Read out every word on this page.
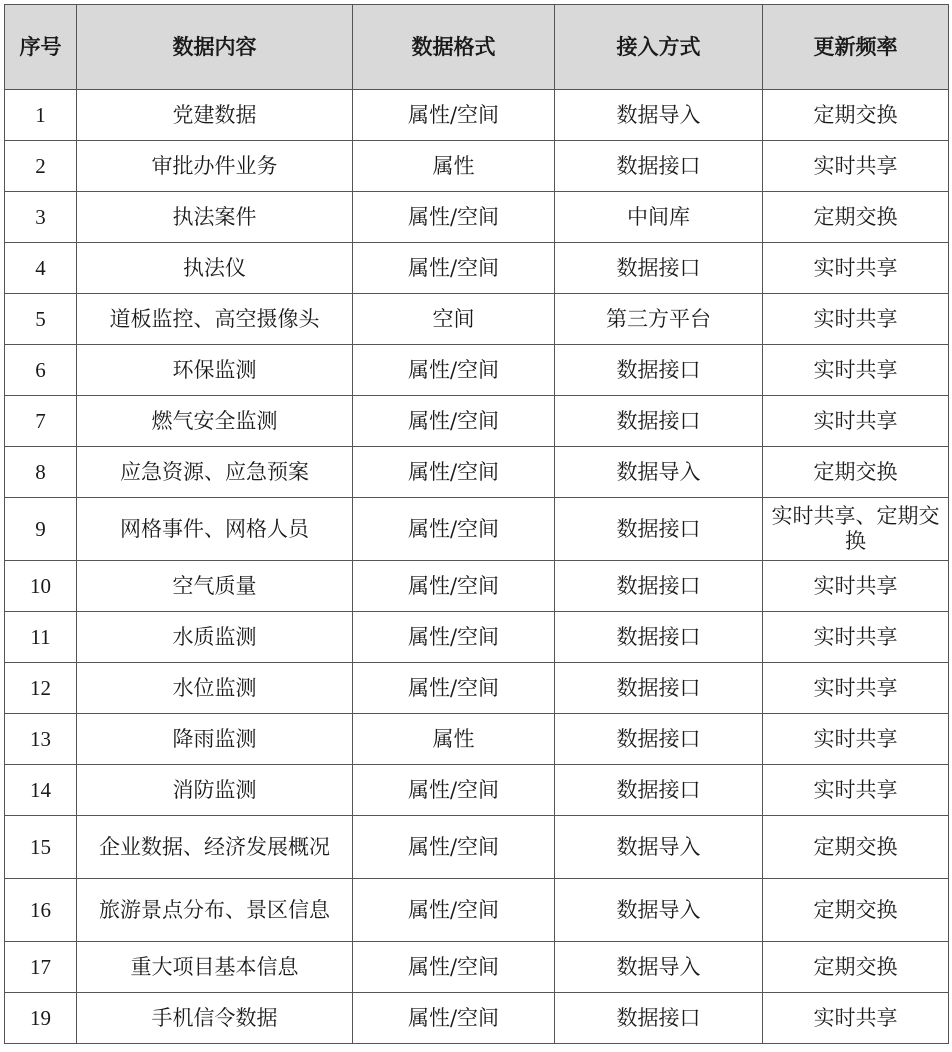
序号	数据内容	数据格式	接入方式	更新频率
1	党建数据	属性/空间	数据导入	定期交换
2	审批办件业务	属性	数据接口	实时共享
3	执法案件	属性/空间	中间库	定期交换
4	执法仪	属性/空间	数据接口	实时共享
5	道板监控、高空摄像头	空间	第三方平台	实时共享
6	环保监测	属性/空间	数据接口	实时共享
7	燃气安全监测	属性/空间	数据接口	实时共享
8	应急资源、应急预案	属性/空间	数据导入	定期交换
9	网格事件、网格人员	属性/空间	数据接口	实时共享、定期交换
10	空气质量	属性/空间	数据接口	实时共享
11	水质监测	属性/空间	数据接口	实时共享
12	水位监测	属性/空间	数据接口	实时共享
13	降雨监测	属性	数据接口	实时共享
14	消防监测	属性/空间	数据接口	实时共享
15	企业数据、经济发展概况	属性/空间	数据导入	定期交换
16	旅游景点分布、景区信息	属性/空间	数据导入	定期交换
17	重大项目基本信息	属性/空间	数据导入	定期交换
19	手机信令数据	属性/空间	数据接口	实时共享
